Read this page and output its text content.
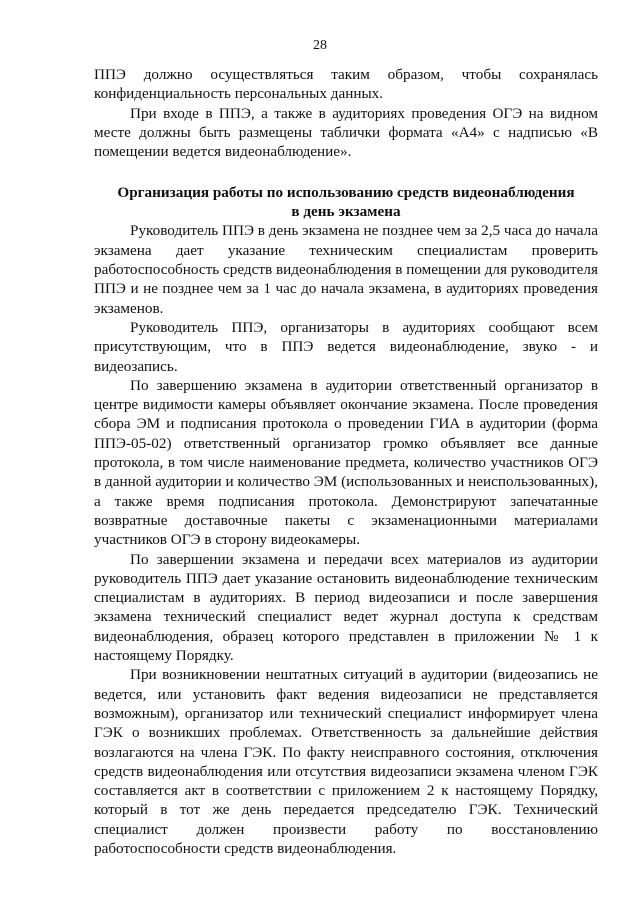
28

ППЭ должно осуществляться таким образом, чтобы сохранялась конфиденциальность персональных данных.

При входе в ППЭ, а также в аудиториях проведения ОГЭ на видном месте должны быть размещены таблички формата «А4» с надписью «В помещении ведется видеонаблюдение».

Организация работы по использованию средств видеонаблюдения
в день экзамена

Руководитель ППЭ в день экзамена не позднее чем за 2,5 часа до начала экзамена дает указание техническим специалистам проверить работоспособность средств видеонаблюдения в помещении для руководителя ППЭ и не позднее чем за 1 час до начала экзамена, в аудиториях проведения экзаменов.

Руководитель ППЭ, организаторы в аудиториях сообщают всем присутствующим, что в ППЭ ведется видеонаблюдение, звуко - и видеозапись.

По завершению экзамена в аудитории ответственный организатор в центре видимости камеры объявляет окончание экзамена. После проведения сбора ЭМ и подписания протокола о проведении ГИА в аудитории (форма ППЭ-05-02) ответственный организатор громко объявляет все данные протокола, в том числе наименование предмета, количество участников ОГЭ в данной аудитории и количество ЭМ (использованных и неиспользованных), а также время подписания протокола. Демонстрируют запечатанные возвратные доставочные пакеты с экзаменационными материалами участников ОГЭ в сторону видеокамеры.

По завершении экзамена и передачи всех материалов из аудитории руководитель ППЭ дает указание остановить видеонаблюдение техническим специалистам в аудиториях. В период видеозаписи и после завершения экзамена технический специалист ведет журнал доступа к средствам видеонаблюдения, образец которого представлен в приложении № 1 к настоящему Порядку.

При возникновении нештатных ситуаций в аудитории (видеозапись не ведется, или установить факт ведения видеозаписи не представляется возможным), организатор или технический специалист информирует члена ГЭК о возникших проблемах. Ответственность за дальнейшие действия возлагаются на члена ГЭК. По факту неисправного состояния, отключения средств видеонаблюдения или отсутствия видеозаписи экзамена членом ГЭК составляется акт в соответствии с приложением 2 к настоящему Порядку, который в тот же день передается председателю ГЭК. Технический специалист должен произвести работу по восстановлению работоспособности средств видеонаблюдения.
